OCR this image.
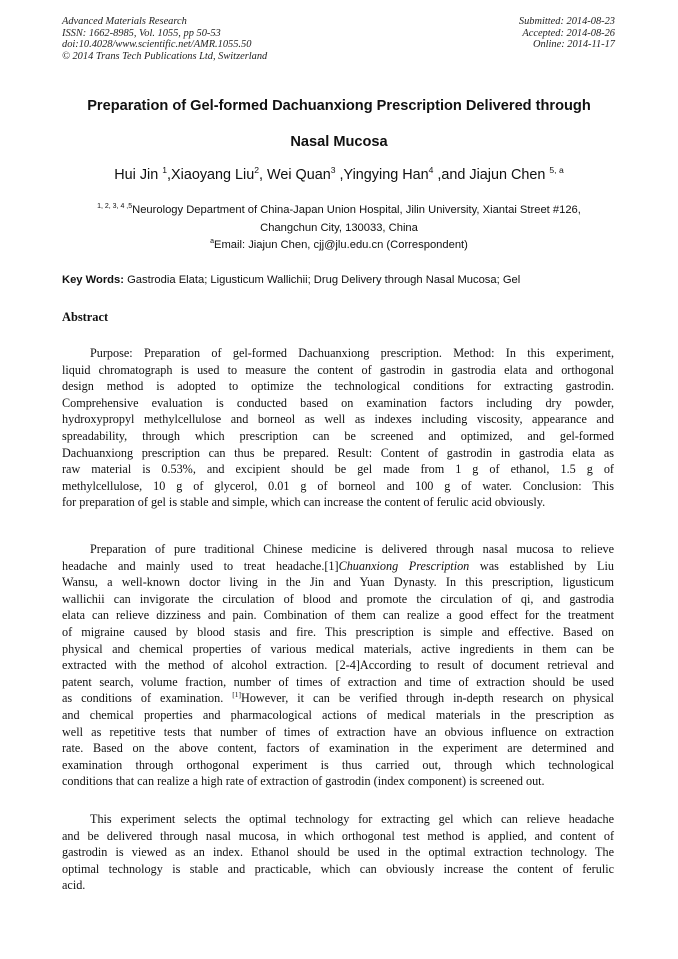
Advanced Materials Research
ISSN: 1662-8985, Vol. 1055, pp 50-53
doi:10.4028/www.scientific.net/AMR.1055.50
© 2014 Trans Tech Publications Ltd, Switzerland
Submitted: 2014-08-23
Accepted: 2014-08-26
Online: 2014-11-17
Preparation of Gel-formed Dachuanxiong Prescription Delivered through
Nasal Mucosa
Hui Jin $^1$,Xiaoyang Liu$^2$, Wei Quan$^3$ ,Yingying Han$^4$ ,and Jiajun Chen $^{5, a}$
$^{1, 2, 3, 4 ,5}$Neurology Department of China-Japan Union Hospital, Jilin University, Xiantai Street #126,
Changchun City, 130033, China
$^a$Email: Jiajun Chen, cjj@jlu.edu.cn (Correspondent)
Key Words: Gastrodia Elata; Ligusticum Wallichii; Drug Delivery through Nasal Mucosa; Gel
Abstract
Purpose: Preparation of gel-formed Dachuanxiong prescription. Method: In this experiment,
liquid chromatograph is used to measure the content of gastrodin in gastrodia elata and orthogonal
design method is adopted to optimize the technological conditions for extracting gastrodin.
Comprehensive evaluation is conducted based on examination factors including dry powder,
hydroxypropyl methylcellulose and borneol as well as indexes including viscosity, appearance and
spreadability, through which prescription can be screened and optimized, and gel-formed
Dachuanxiong prescription can thus be prepared. Result: Content of gastrodin in gastrodia elata as
raw material is 0.53%, and excipient should be gel made from 1 g of ethanol, 1.5 g of
methylcellulose, 10 g of glycerol, 0.01 g of borneol and 100 g of water. Conclusion: This
for preparation of gel is stable and simple, which can increase the content of ferulic acid obviously.
Preparation of pure traditional Chinese medicine is delivered through nasal mucosa to relieve
headache and mainly used to treat headache.[1]Chuanxiong Prescription was established by Liu
Wansu, a well-known doctor living in the Jin and Yuan Dynasty. In this prescription, ligusticum
wallichii can invigorate the circulation of blood and promote the circulation of qi, and gastrodia
elata can relieve dizziness and pain. Combination of them can realize a good effect for the treatment
of migraine caused by blood stasis and fire. This prescription is simple and effective. Based on
physical and chemical properties of various medical materials, active ingredients in them can be
extracted with the method of alcohol extraction. [2-4]According to result of document retrieval and
patent search, volume fraction, number of times of extraction and time of extraction should be used
as conditions of examination. [1]However, it can be verified through in-depth research on physical
and chemical properties and pharmacological actions of medical materials in the prescription as
well as repetitive tests that number of times of extraction have an obvious influence on extraction
rate. Based on the above content, factors of examination in the experiment are determined and
examination through orthogonal experiment is thus carried out, through which technological
conditions that can realize a high rate of extraction of gastrodin (index component) is screened out.
This experiment selects the optimal technology for extracting gel which can relieve headache
and be delivered through nasal mucosa, in which orthogonal test method is applied, and content of
gastrodin is viewed as an index. Ethanol should be used in the optimal extraction technology. The
optimal technology is stable and practicable, which can obviously increase the content of ferulic
acid.
